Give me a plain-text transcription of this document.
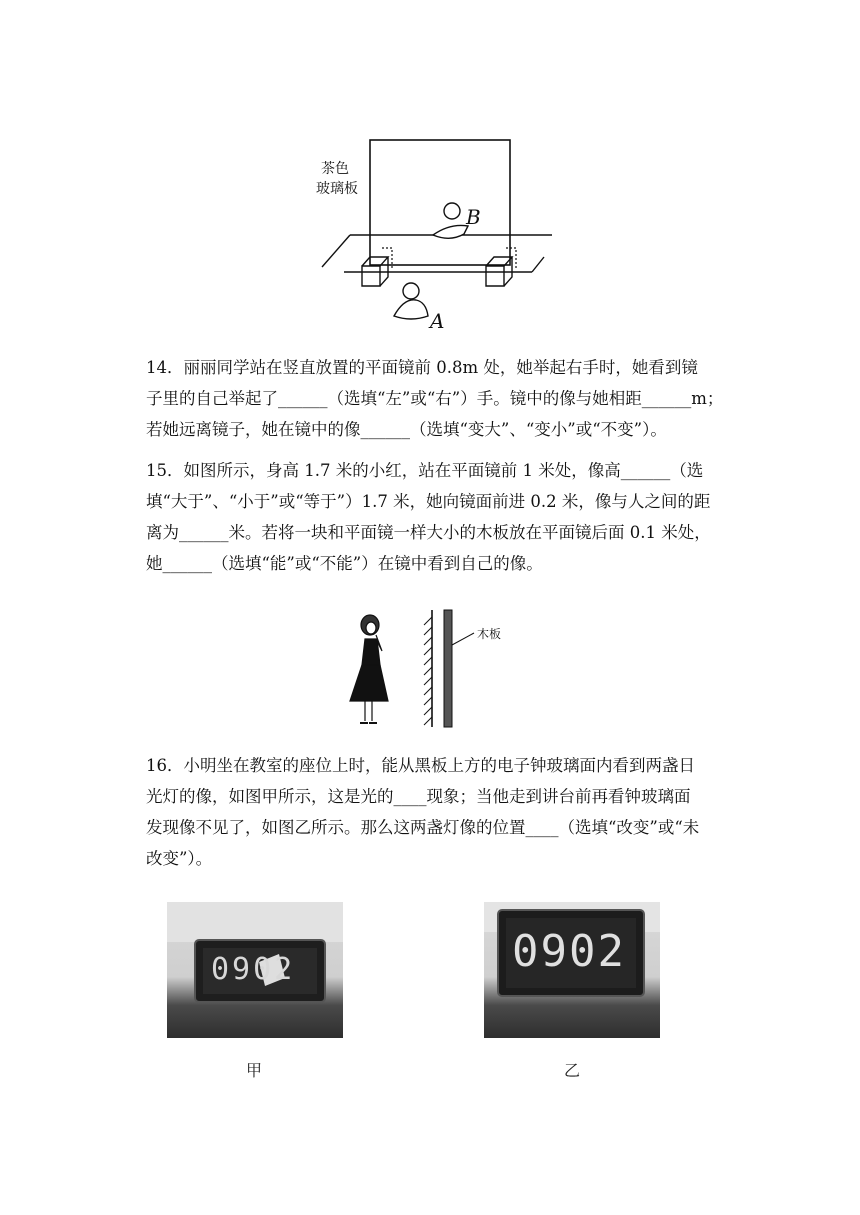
茶色
玻璃板
B
A

14．丽丽同学站在竖直放置的平面镜前 0.8m 处，她举起右手时，她看到镜

子里的自己举起了______（选填“左”或“右”）手。镜中的像与她相距______m；

若她远离镜子，她在镜中的像______（选填“变大”、“变小”或“不变”）。

15．如图所示，身高 1.7 米的小红，站在平面镜前 1 米处，像高______（选

填“大于”、“小于”或“等于”）1.7 米，她向镜面前进 0.2 米，像与人之间的距

离为______米。若将一块和平面镜一样大小的木板放在平面镜后面 0.1 米处，

她______（选填“能”或“不能”）在镜中看到自己的像。

木板

16．小明坐在教室的座位上时，能从黑板上方的电子钟玻璃面内看到两盏日

光灯的像，如图甲所示，这是光的____现象；当他走到讲台前再看钟玻璃面

发现像不见了，如图乙所示。那么这两盏灯像的位置____（选填“改变”或“未

改变”）。

0902
甲
0902
乙
